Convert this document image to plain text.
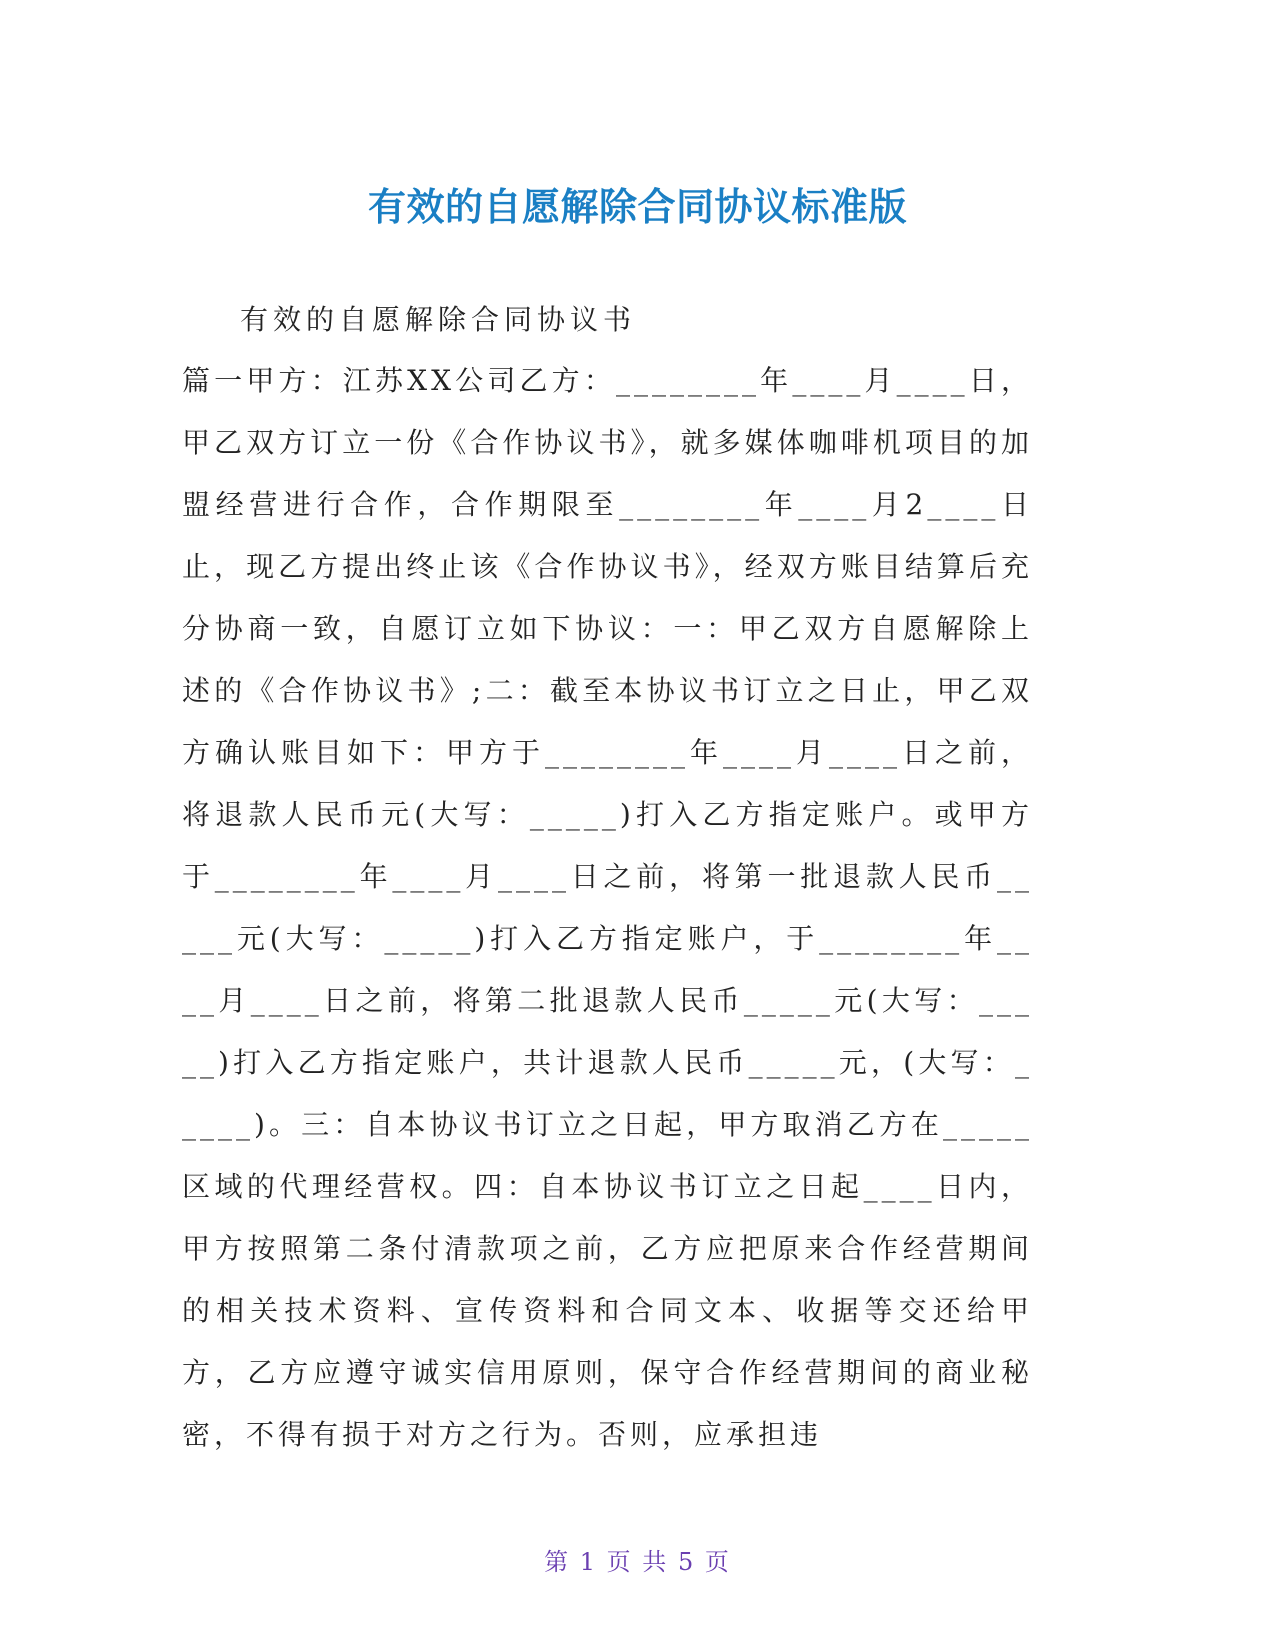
有效的自愿解除合同协议标准版
有效的自愿解除合同协议书

篇一甲方：江苏XX公司乙方：________年____月____日，甲乙双方订立一份《合作协议书》，就多媒体咖啡机项目的加盟经营进行合作，合作期限至________年____月2____日止，现乙方提出终止该《合作协议书》，经双方账目结算后充分协商一致，自愿订立如下协议：一：甲乙双方自愿解除上述的《合作协议书》;二：截至本协议书订立之日止，甲乙双方确认账目如下：甲方于________年____月____日之前，将退款人民币元(大写：_____)打入乙方指定账户。或甲方于________年____月____日之前，将第一批退款人民币_____元(大写：_____)打入乙方指定账户，于________年____月____日之前，将第二批退款人民币_____元(大写：_____)打入乙方指定账户，共计退款人民币_____元，(大写：_____)。三：自本协议书订立之日起，甲方取消乙方在_____区域的代理经营权。四：自本协议书订立之日起____日内，甲方按照第二条付清款项之前，乙方应把原来合作经营期间的相关技术资料、宣传资料和合同文本、收据等交还给甲方，乙方应遵守诚实信用原则，保守合作经营期间的商业秘密，不得有损于对方之行为。否则，应承担违

第 1 页 共 5 页
